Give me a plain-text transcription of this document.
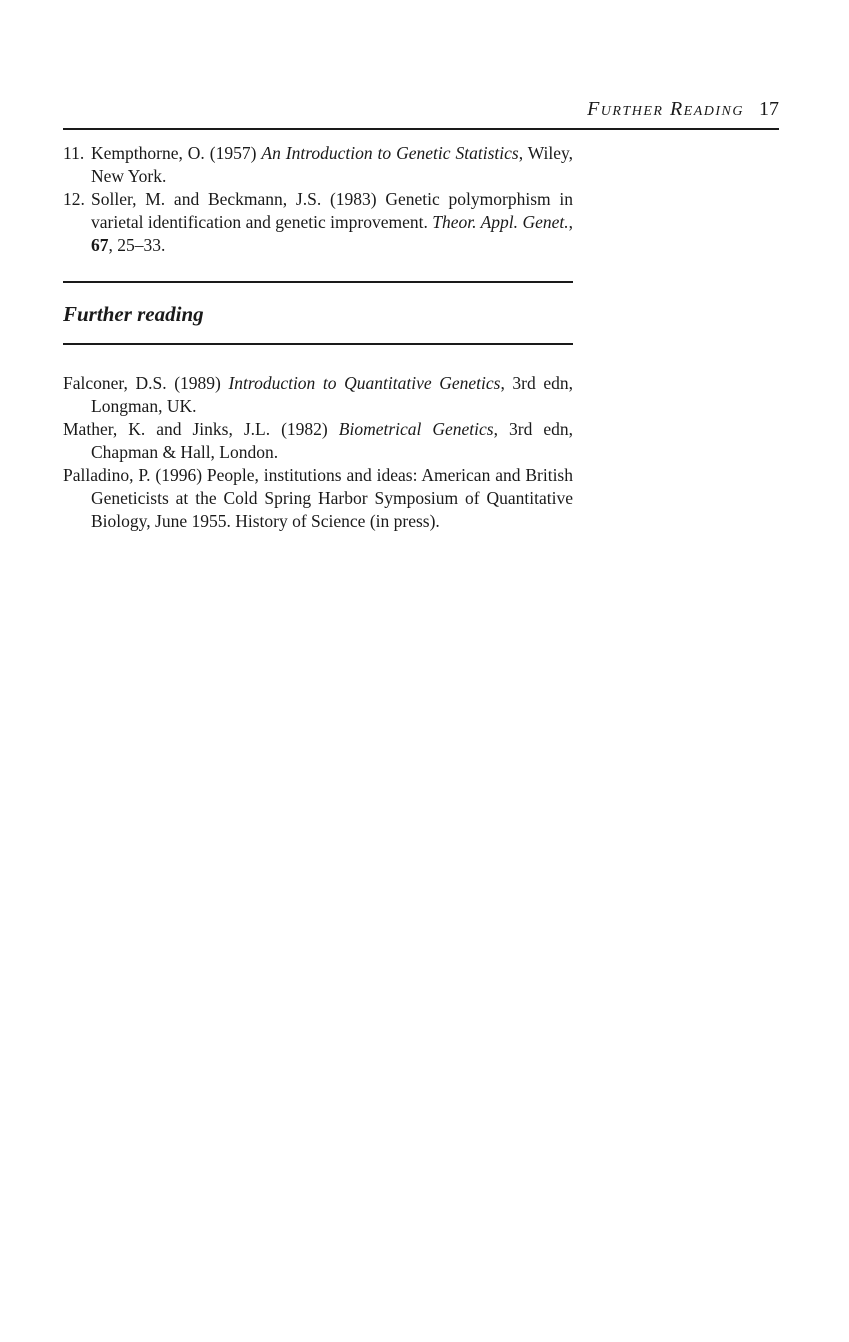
Further Reading 17

11. Kempthorne, O. (1957) An Introduction to Genetic Statistics, Wiley, New York.

12. Soller, M. and Beckmann, J.S. (1983) Genetic polymorphism in varietal identification and genetic improvement. Theor. Appl. Genet., 67, 25–33.

Further reading

Falconer, D.S. (1989) Introduction to Quantitative Genetics, 3rd edn, Longman, UK.

Mather, K. and Jinks, J.L. (1982) Biometrical Genetics, 3rd edn, Chapman & Hall, London.

Palladino, P. (1996) People, institutions and ideas: American and British Geneticists at the Cold Spring Harbor Symposium of Quantitative Biology, June 1955. History of Science (in press).
